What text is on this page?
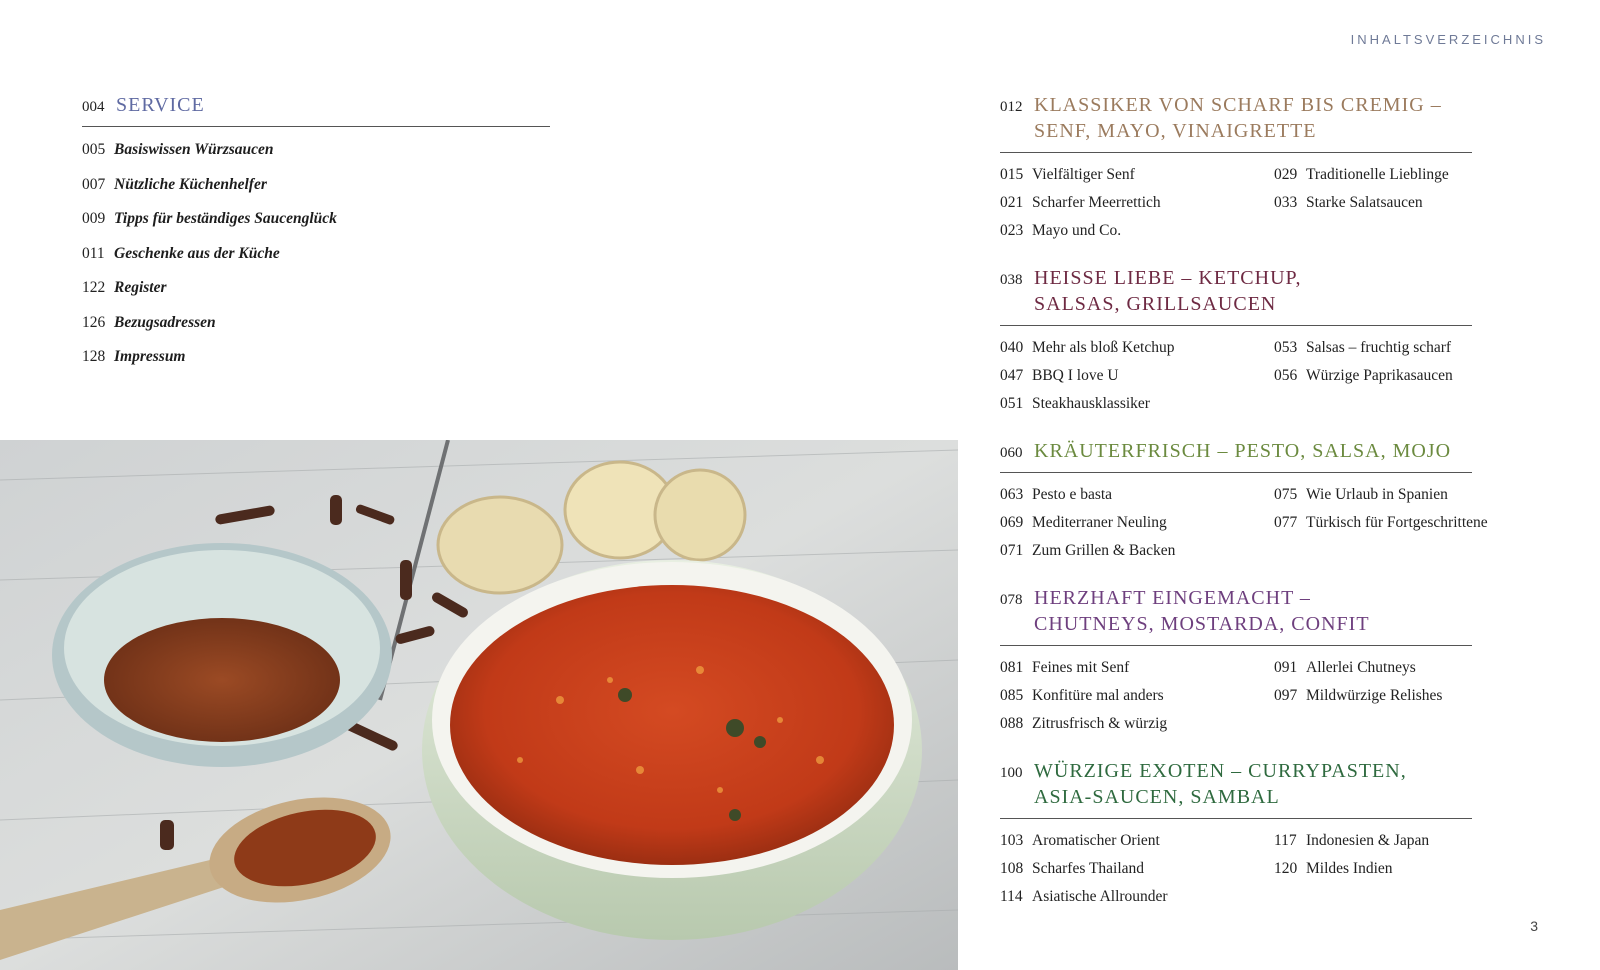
INHALTSVERZEICHNIS
004 SERVICE
005 Basiswissen Würzsaucen
007 Nützliche Küchenhelfer
009 Tipps für beständiges Saucenglück
011 Geschenke aus der Küche
122 Register
126 Bezugsadressen
128 Impressum
012 KLASSIKER VON SCHARF BIS CREMIG –
SENF, MAYO, VINAIGRETTE
015 Vielfältiger Senf
021 Scharfer Meerrettich
023 Mayo und Co.
029 Traditionelle Lieblinge
033 Starke Salatsaucen
038 HEISSE LIEBE – KETCHUP,
SALSAS, GRILLSAUCEN
040 Mehr als bloß Ketchup
047 BBQ I love U
051 Steakhausklassiker
053 Salsas – fruchtig scharf
056 Würzige Paprikasaucen
060 KRÄUTERFRISCH – PESTO, SALSA, MOJO
063 Pesto e basta
069 Mediterraner Neuling
071 Zum Grillen & Backen
075 Wie Urlaub in Spanien
077 Türkisch für Fortgeschrittene
078 HERZHAFT EINGEMACHT –
CHUTNEYS, MOSTARDA, CONFIT
081 Feines mit Senf
085 Konfitüre mal anders
088 Zitrusfrisch & würzig
091 Allerlei Chutneys
097 Mildwürzige Relishes
100 WÜRZIGE EXOTEN – CURRYPASTEN,
ASIA-SAUCEN, SAMBAL
103 Aromatischer Orient
108 Scharfes Thailand
114 Asiatische Allrounder
117 Indonesien & Japan
120 Mildes Indien
3
